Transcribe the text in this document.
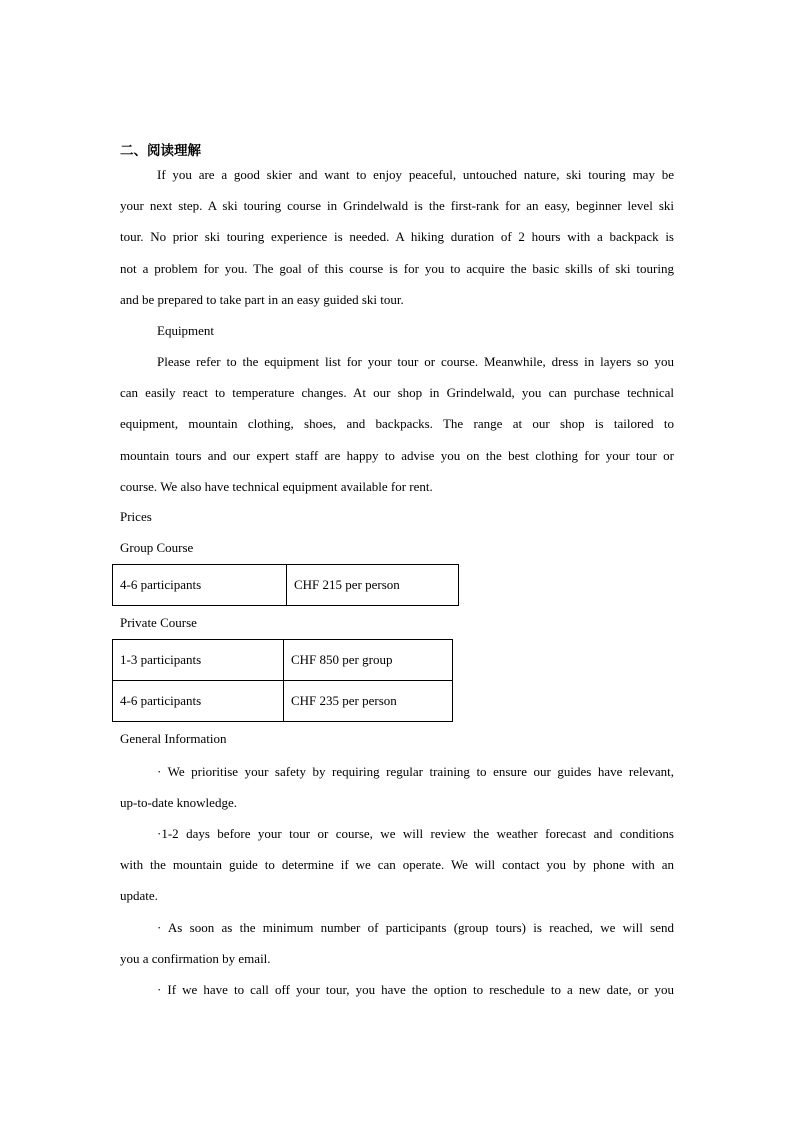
二、阅读理解
If you are a good skier and want to enjoy peaceful, untouched nature, ski touring may be
your next step. A ski touring course in Grindelwald is the first-rank for an easy, beginner level ski
tour. No prior ski touring experience is needed. A hiking duration of 2 hours with a backpack is
not a problem for you. The goal of this course is for you to acquire the basic skills of ski touring
and be prepared to take part in an easy guided ski tour.
Equipment
Please refer to the equipment list for your tour or course. Meanwhile, dress in layers so you
can easily react to temperature changes. At our shop in Grindelwald, you can purchase technical
equipment, mountain clothing, shoes, and backpacks. The range at our shop is tailored to
mountain tours and our expert staff are happy to advise you on the best clothing for your tour or
course. We also have technical equipment available for rent.
Prices
Group Course
4-6 participants	CHF 215 per person
Private Course
1-3 participants	CHF 850 per group
4-6 participants	CHF 235 per person
General Information
· We prioritise your safety by requiring regular training to ensure our guides have relevant,
up-to-date knowledge.
·1-2 days before your tour or course, we will review the weather forecast and conditions
with the mountain guide to determine if we can operate. We will contact you by phone with an
update.
· As soon as the minimum number of participants (group tours) is reached, we will send
you a confirmation by email.
· If we have to call off your tour, you have the option to reschedule to a new date, or you
